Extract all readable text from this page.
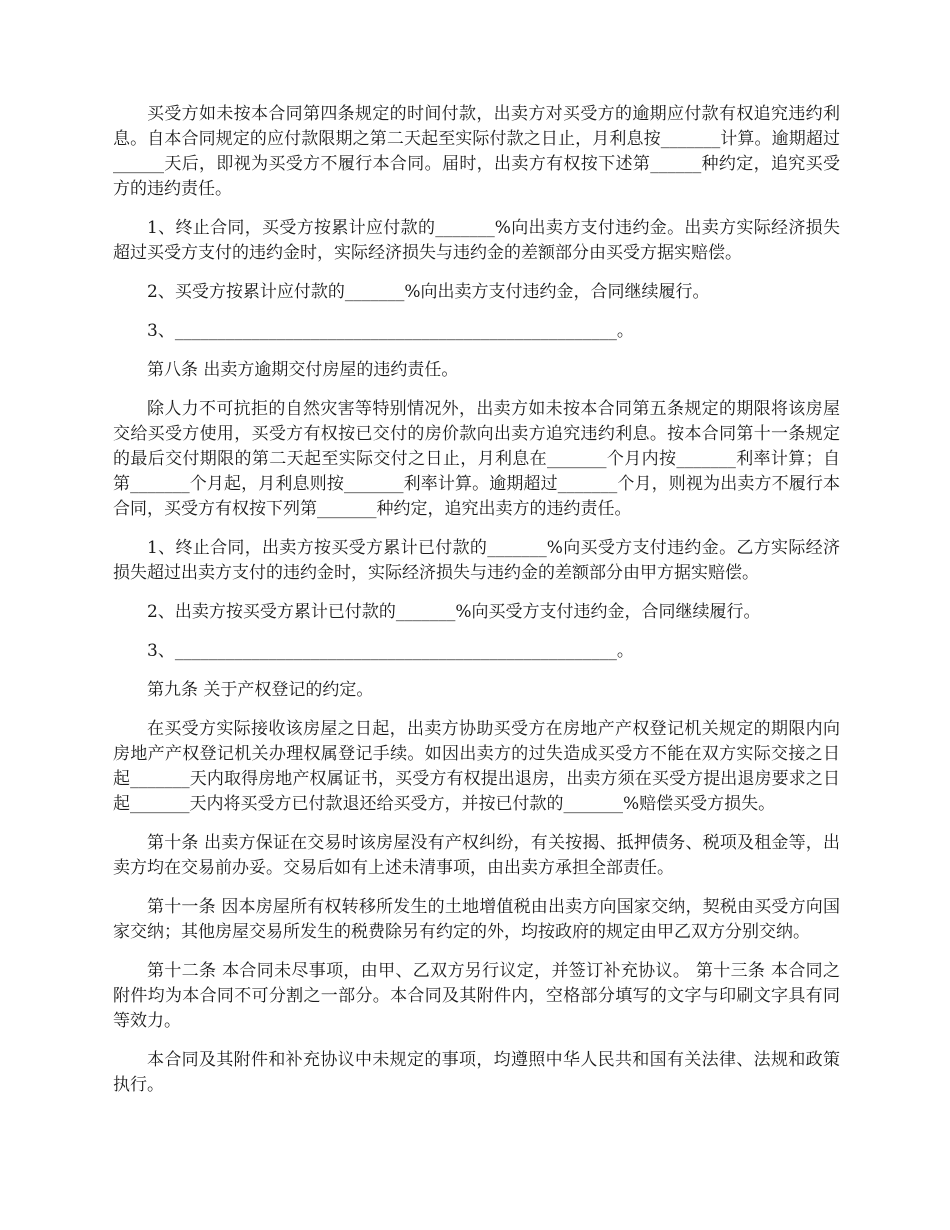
买受方如未按本合同第四条规定的时间付款，出卖方对买受方的逾期应付款有权追究违约利息。自本合同规定的应付款限期之第二天起至实际付款之日止，月利息按_______计算。逾期超过______天后，即视为买受方不履行本合同。届时，出卖方有权按下述第______种约定，追究买受方的违约责任。

1、终止合同，买受方按累计应付款的_______%向出卖方支付违约金。出卖方实际经济损失超过买受方支付的违约金时，实际经济损失与违约金的差额部分由买受方据实赔偿。

2、买受方按累计应付款的_______%向出卖方支付违约金，合同继续履行。

3、____________________________________________________。

第八条 出卖方逾期交付房屋的违约责任。

除人力不可抗拒的自然灾害等特别情况外，出卖方如未按本合同第五条规定的期限将该房屋交给买受方使用，买受方有权按已交付的房价款向出卖方追究违约利息。按本合同第十一条规定的最后交付期限的第二天起至实际交付之日止，月利息在_______个月内按_______利率计算；自第_______个月起，月利息则按_______利率计算。逾期超过_______个月，则视为出卖方不履行本合同，买受方有权按下列第_______种约定，追究出卖方的违约责任。

1、终止合同，出卖方按买受方累计已付款的_______%向买受方支付违约金。乙方实际经济损失超过出卖方支付的违约金时，实际经济损失与违约金的差额部分由甲方据实赔偿。

2、出卖方按买受方累计已付款的_______%向买受方支付违约金，合同继续履行。

3、____________________________________________________。

第九条 关于产权登记的约定。

在买受方实际接收该房屋之日起，出卖方协助买受方在房地产产权登记机关规定的期限内向房地产产权登记机关办理权属登记手续。如因出卖方的过失造成买受方不能在双方实际交接之日起_______天内取得房地产权属证书，买受方有权提出退房，出卖方须在买受方提出退房要求之日起_______天内将买受方已付款退还给买受方，并按已付款的_______%赔偿买受方损失。

第十条 出卖方保证在交易时该房屋没有产权纠纷，有关按揭、抵押债务、税项及租金等，出卖方均在交易前办妥。交易后如有上述未清事项，由出卖方承担全部责任。

第十一条 因本房屋所有权转移所发生的土地增值税由出卖方向国家交纳，契税由买受方向国家交纳；其他房屋交易所发生的税费除另有约定的外，均按政府的规定由甲乙双方分别交纳。

第十二条 本合同未尽事项，由甲、乙双方另行议定，并签订补充协议。 第十三条 本合同之附件均为本合同不可分割之一部分。本合同及其附件内，空格部分填写的文字与印刷文字具有同等效力。

本合同及其附件和补充协议中未规定的事项，均遵照中华人民共和国有关法律、法规和政策执行。
